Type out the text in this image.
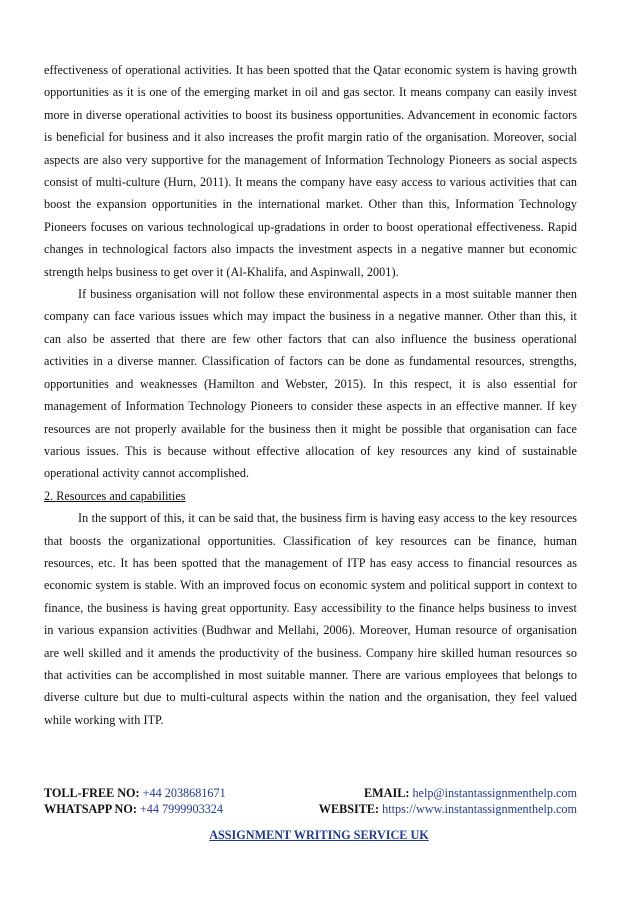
effectiveness of operational activities. It has been spotted that the Qatar economic system is having growth opportunities as it is one of the emerging market in oil and gas sector. It means company can easily invest more in diverse operational activities to boost its business opportunities. Advancement in economic factors is beneficial for business and it also increases the profit margin ratio of the organisation. Moreover, social aspects are also very supportive for the management of Information Technology Pioneers as social aspects consist of multi-culture (Hurn, 2011). It means the company have easy access to various activities that can boost the expansion opportunities in the international market. Other than this, Information Technology Pioneers focuses on various technological up-gradations in order to boost operational effectiveness. Rapid changes in technological factors also impacts the investment aspects in a negative manner but economic strength helps business to get over it (Al-Khalifa, and Aspinwall, 2001).

If business organisation will not follow these environmental aspects in a most suitable manner then company can face various issues which may impact the business in a negative manner. Other than this, it can also be asserted that there are few other factors that can also influence the business operational activities in a diverse manner. Classification of factors can be done as fundamental resources, strengths, opportunities and weaknesses (Hamilton and Webster, 2015). In this respect, it is also essential for management of Information Technology Pioneers to consider these aspects in an effective manner. If key resources are not properly available for the business then it might be possible that organisation can face various issues. This is because without effective allocation of key resources any kind of sustainable operational activity cannot accomplished.

2. Resources and capabilities

In the support of this, it can be said that, the business firm is having easy access to the key resources that boosts the organizational opportunities. Classification of key resources can be finance, human resources, etc. It has been spotted that the management of ITP has easy access to financial resources as economic system is stable. With an improved focus on economic system and political support in context to finance, the business is having great opportunity. Easy accessibility to the finance helps business to invest in various expansion activities (Budhwar and Mellahi, 2006). Moreover, Human resource of organisation are well skilled and it amends the productivity of the business. Company hire skilled human resources so that activities can be accomplished in most suitable manner. There are various employees that belongs to diverse culture but due to multi-cultural aspects within the nation and the organisation, they feel valued while working with ITP.

TOLL-FREE NO: +44 2038681671	EMAIL: help@instantassignmenthelp.com
WHATSAPP NO: +44 7999903324	WEBSITE: https://www.instantassignmenthelp.com
ASSIGNMENT WRITING SERVICE UK
